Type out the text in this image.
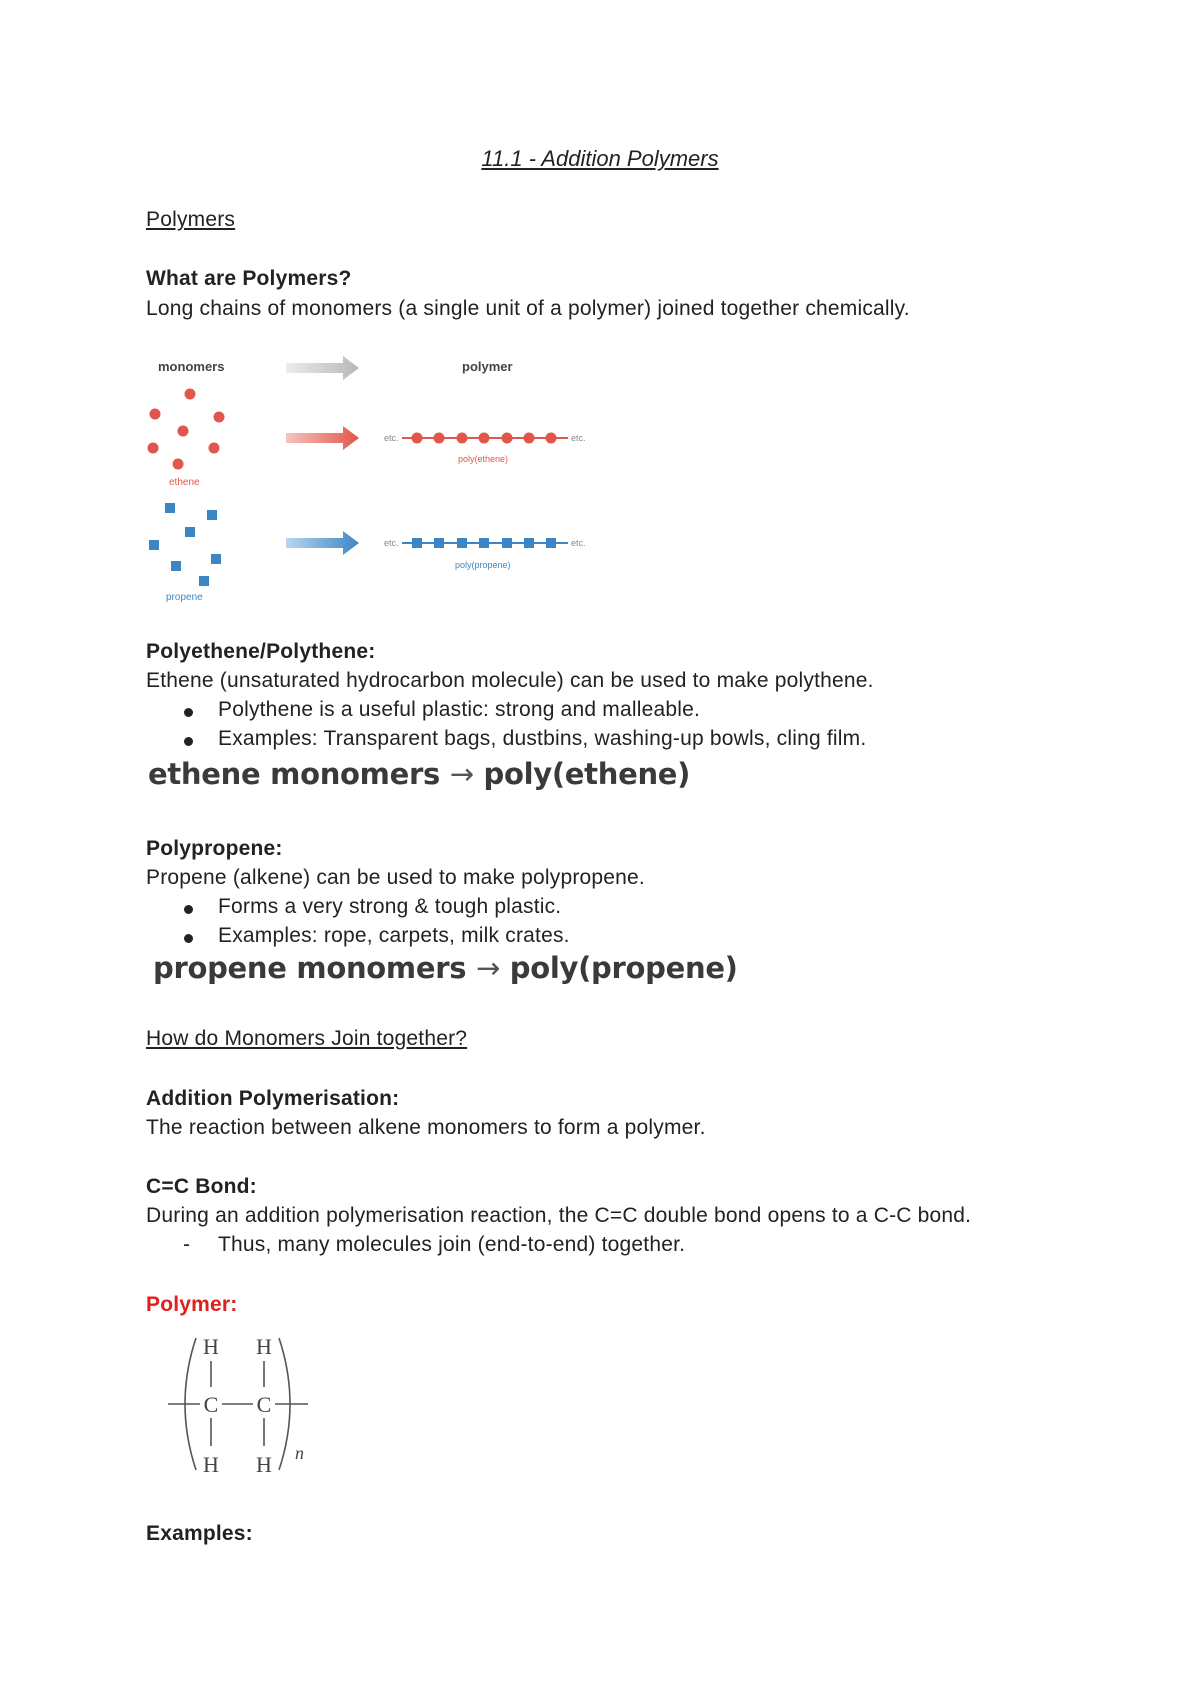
11.1 - Addition Polymers
Polymers
What are Polymers?
Long chains of monomers (a single unit of a polymer) joined together chemically.
monomers	polymer
ethene
propene
etc.	etc.
poly(ethene)
etc.	etc.
poly(propene)
Polyethene/Polythene:
Ethene (unsaturated hydrocarbon molecule) can be used to make polythene.
Polythene is a useful plastic: strong and malleable.
Examples: Transparent bags, dustbins, washing-up bowls, cling film.
ethene monomers → poly(ethene)
Polypropene:
Propene (alkene) can be used to make polypropene.
Forms a very strong & tough plastic.
Examples: rope, carpets, milk crates.
propene monomers → poly(propene)
How do Monomers Join together?
Addition Polymerisation:
The reaction between alkene monomers to form a polymer.
C=C Bond:
During an addition polymerisation reaction, the C=C double bond opens to a C-C bond.
- Thus, many molecules join (end-to-end) together.
Polymer:
H H
C C
H H n
Examples:
